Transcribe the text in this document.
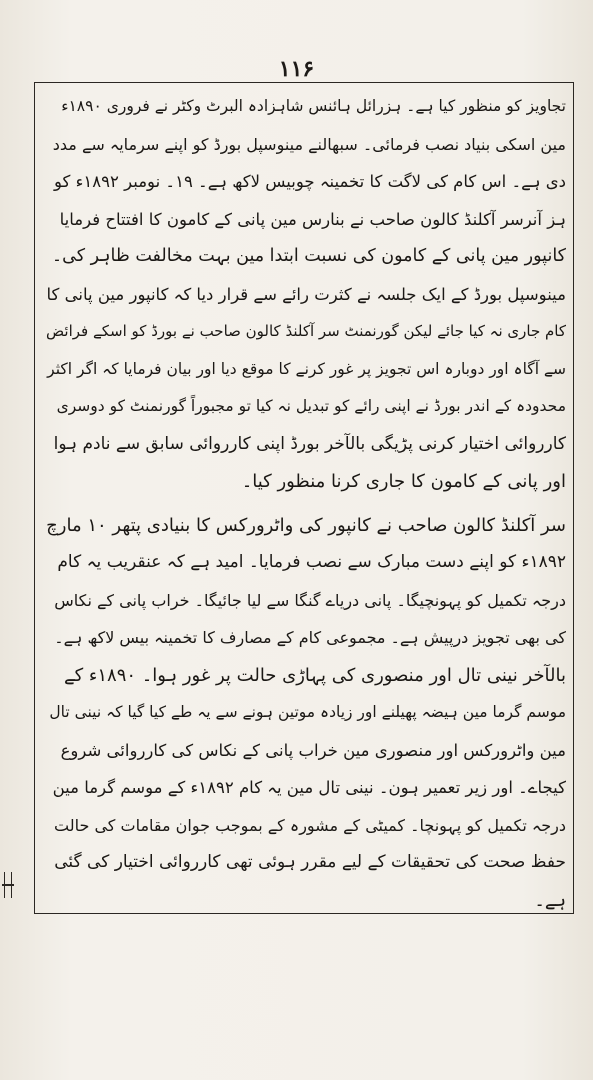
۱۱۶
تجاویز کو منظور کیا ہے۔ ہزرائل ہائنس شاہزادہ البرٹ وکٹر نے فروری ۱۸۹۰ء
مین اسکی بنیاد نصب فرمائی۔ سبھالنے مینوسپل بورڈ کو اپنے سرمایہ سے مدد
دی ہے۔ اس کام کی لاگت کا تخمینہ چوبیس لاکھ ہے۔ ۱۹۔ نومبر ۱۸۹۲ء کو
ہز آنرسر آکلنڈ کالون صاحب نے بنارس مین پانی کے کامون کا افتتاح فرمایا
کانپور مین پانی کے کامون کی نسبت ابتدا مین بہت مخالفت ظاہر کی۔
مینوسپل بورڈ کے ایک جلسہ نے کثرت رائے سے قرار دیا کہ کانپور مین پانی کا
کام جاری نہ کیا جائے لیکن گورنمنٹ سر آکلنڈ کالون صاحب نے بورڈ کو اسکے فرائض
سے آگاہ اور دوبارہ اس تجویز پر غور کرنے کا موقع دیا اور بیان فرمایا کہ اگر اکثر
محدودہ کے اندر بورڈ نے اپنی رائے کو تبدیل نہ کیا تو مجبوراً گورنمنٹ کو دوسری
کارروائی اختیار کرنی پڑیگی بالآخر بورڈ اپنی کارروائی سابق سے نادم ہوا
اور پانی کے کامون کا جاری کرنا منظور کیا۔
سر آکلنڈ کالون صاحب نے کانپور کی واٹرورکس کا بنیادی پتھر ۱۰ مارچ
۱۸۹۲ء کو اپنے دست مبارک سے نصب فرمایا۔ امید ہے کہ عنقریب یہ کام
درجہ تکمیل کو پہونچیگا۔ پانی دریاے گنگا سے لیا جائیگا۔ خراب پانی کے نکاس
کی بھی تجویز درپیش ہے۔ مجموعی کام کے مصارف کا تخمینہ بیس لاکھ ہے۔
بالآخر نینی تال اور منصوری کی پہاڑی حالت پر غور ہوا۔ ۱۸۹۰ء کے
موسم گرما مین ہیضہ پھیلنے اور زیادہ موتین ہونے سے یہ طے کیا گیا کہ نینی تال
مین واٹرورکس اور منصوری مین خراب پانی کے نکاس کی کارروائی شروع
کیجاے۔ اور زیر تعمیر ہون۔ نینی تال مین یہ کام ۱۸۹۲ء کے موسم گرما مین
درجہ تکمیل کو پہونچا۔ کمیٹی کے مشورہ کے بموجب جوان مقامات کی حالت
حفظ صحت کی تحقیقات کے لیے مقرر ہوئی تھی کارروائی اختیار کی گئی
ہے۔
